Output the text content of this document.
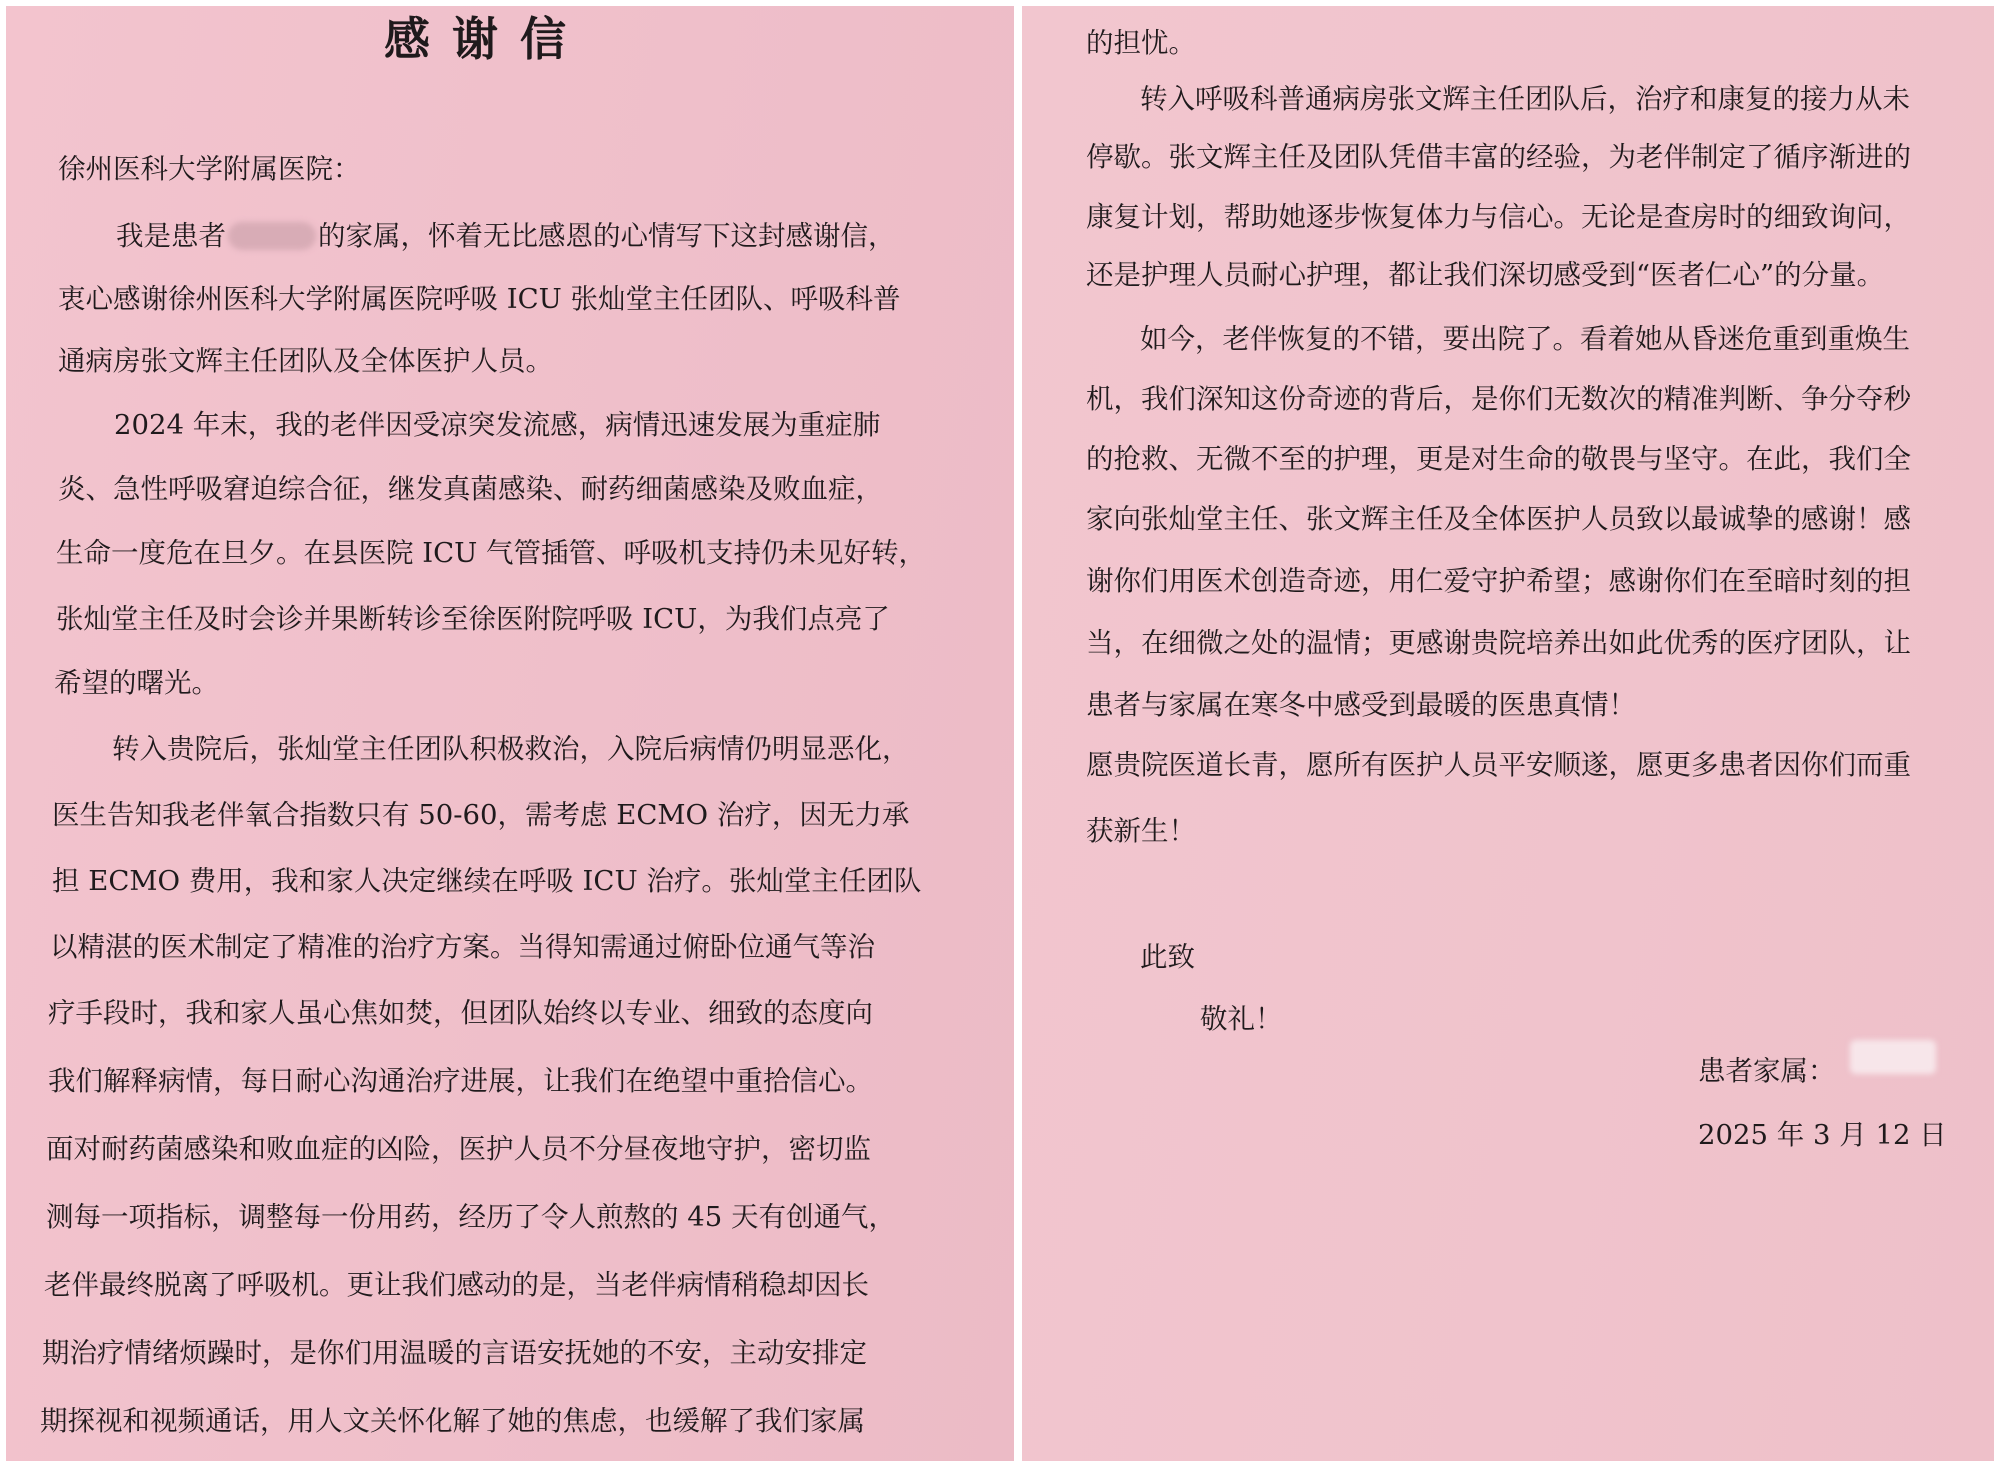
感谢信
徐州医科大学附属医院：
我是患者	的家属，怀着无比感恩的心情写下这封感谢信，
衷心感谢徐州医科大学附属医院呼吸 ICU 张灿堂主任团队、呼吸科普
通病房张文辉主任团队及全体医护人员。
2024 年末，我的老伴因受凉突发流感，病情迅速发展为重症肺
炎、急性呼吸窘迫综合征，继发真菌感染、耐药细菌感染及败血症，
生命一度危在旦夕。在县医院 ICU 气管插管、呼吸机支持仍未见好转，
张灿堂主任及时会诊并果断转诊至徐医附院呼吸 ICU，为我们点亮了
希望的曙光。
转入贵院后，张灿堂主任团队积极救治，入院后病情仍明显恶化，
医生告知我老伴氧合指数只有 50-60，需考虑 ECMO 治疗，因无力承
担 ECMO 费用，我和家人决定继续在呼吸 ICU 治疗。张灿堂主任团队
以精湛的医术制定了精准的治疗方案。当得知需通过俯卧位通气等治
疗手段时，我和家人虽心焦如焚，但团队始终以专业、细致的态度向
我们解释病情，每日耐心沟通治疗进展，让我们在绝望中重拾信心。
面对耐药菌感染和败血症的凶险，医护人员不分昼夜地守护，密切监
测每一项指标，调整每一份用药，经历了令人煎熬的 45 天有创通气，
老伴最终脱离了呼吸机。更让我们感动的是，当老伴病情稍稳却因长
期治疗情绪烦躁时，是你们用温暖的言语安抚她的不安，主动安排定
期探视和视频通话，用人文关怀化解了她的焦虑，也缓解了我们家属
的担忧。
转入呼吸科普通病房张文辉主任团队后，治疗和康复的接力从未
停歇。张文辉主任及团队凭借丰富的经验，为老伴制定了循序渐进的
康复计划，帮助她逐步恢复体力与信心。无论是查房时的细致询问，
还是护理人员耐心护理，都让我们深切感受到“医者仁心”的分量。
如今，老伴恢复的不错，要出院了。看着她从昏迷危重到重焕生
机，我们深知这份奇迹的背后，是你们无数次的精准判断、争分夺秒
的抢救、无微不至的护理，更是对生命的敬畏与坚守。在此，我们全
家向张灿堂主任、张文辉主任及全体医护人员致以最诚挚的感谢！感
谢你们用医术创造奇迹，用仁爱守护希望；感谢你们在至暗时刻的担
当，在细微之处的温情；更感谢贵院培养出如此优秀的医疗团队，让
患者与家属在寒冬中感受到最暖的医患真情！
愿贵院医道长青，愿所有医护人员平安顺遂，愿更多患者因你们而重
获新生！
此致
敬礼！
患者家属：
2025 年 3 月 12 日
